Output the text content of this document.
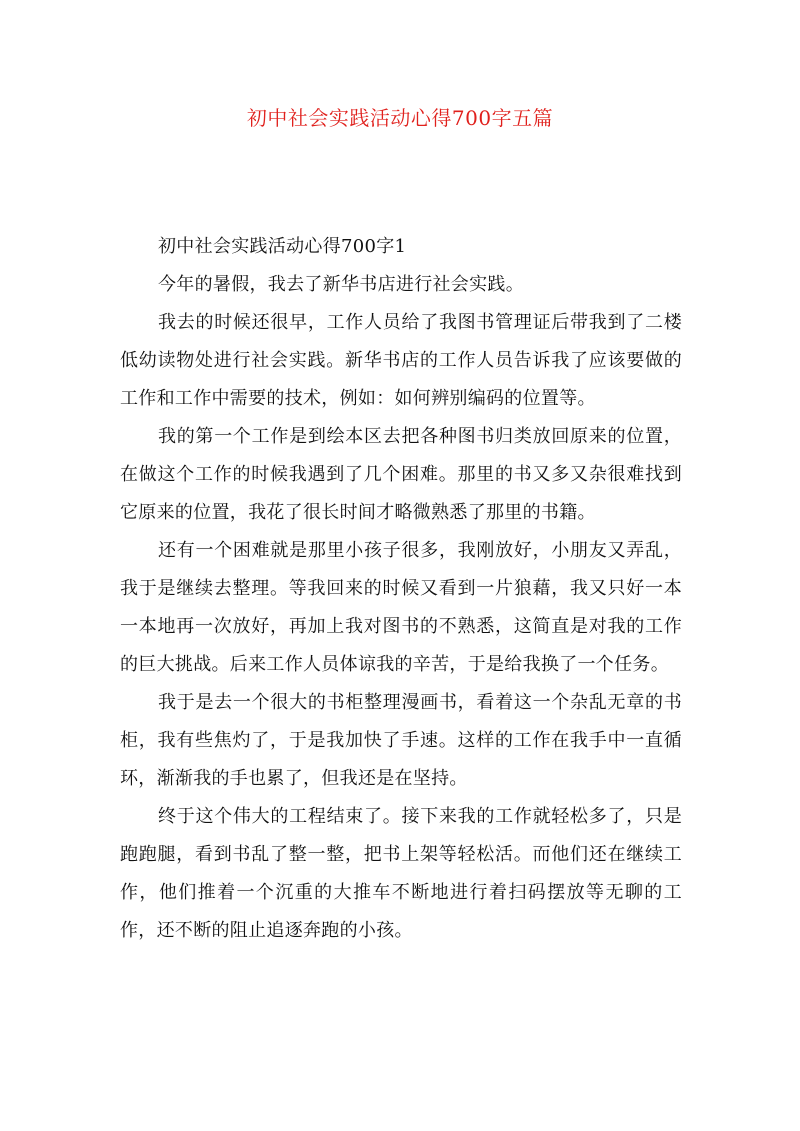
初中社会实践活动心得700字五篇

初中社会实践活动心得700字1

今年的暑假，我去了新华书店进行社会实践。

我去的时候还很早，工作人员给了我图书管理证后带我到了二楼低幼读物处进行社会实践。新华书店的工作人员告诉我了应该要做的工作和工作中需要的技术，例如：如何辨别编码的位置等。

我的第一个工作是到绘本区去把各种图书归类放回原来的位置，在做这个工作的时候我遇到了几个困难。那里的书又多又杂很难找到它原来的位置，我花了很长时间才略微熟悉了那里的书籍。

还有一个困难就是那里小孩子很多，我刚放好，小朋友又弄乱，我于是继续去整理。等我回来的时候又看到一片狼藉，我又只好一本一本地再一次放好，再加上我对图书的不熟悉，这简直是对我的工作的巨大挑战。后来工作人员体谅我的辛苦，于是给我换了一个任务。

我于是去一个很大的书柜整理漫画书，看着这一个杂乱无章的书柜，我有些焦灼了，于是我加快了手速。这样的工作在我手中一直循环，渐渐我的手也累了，但我还是在坚持。

终于这个伟大的工程结束了。接下来我的工作就轻松多了，只是跑跑腿，看到书乱了整一整，把书上架等轻松活。而他们还在继续工作，他们推着一个沉重的大推车不断地进行着扫码摆放等无聊的工作，还不断的阻止追逐奔跑的小孩。
